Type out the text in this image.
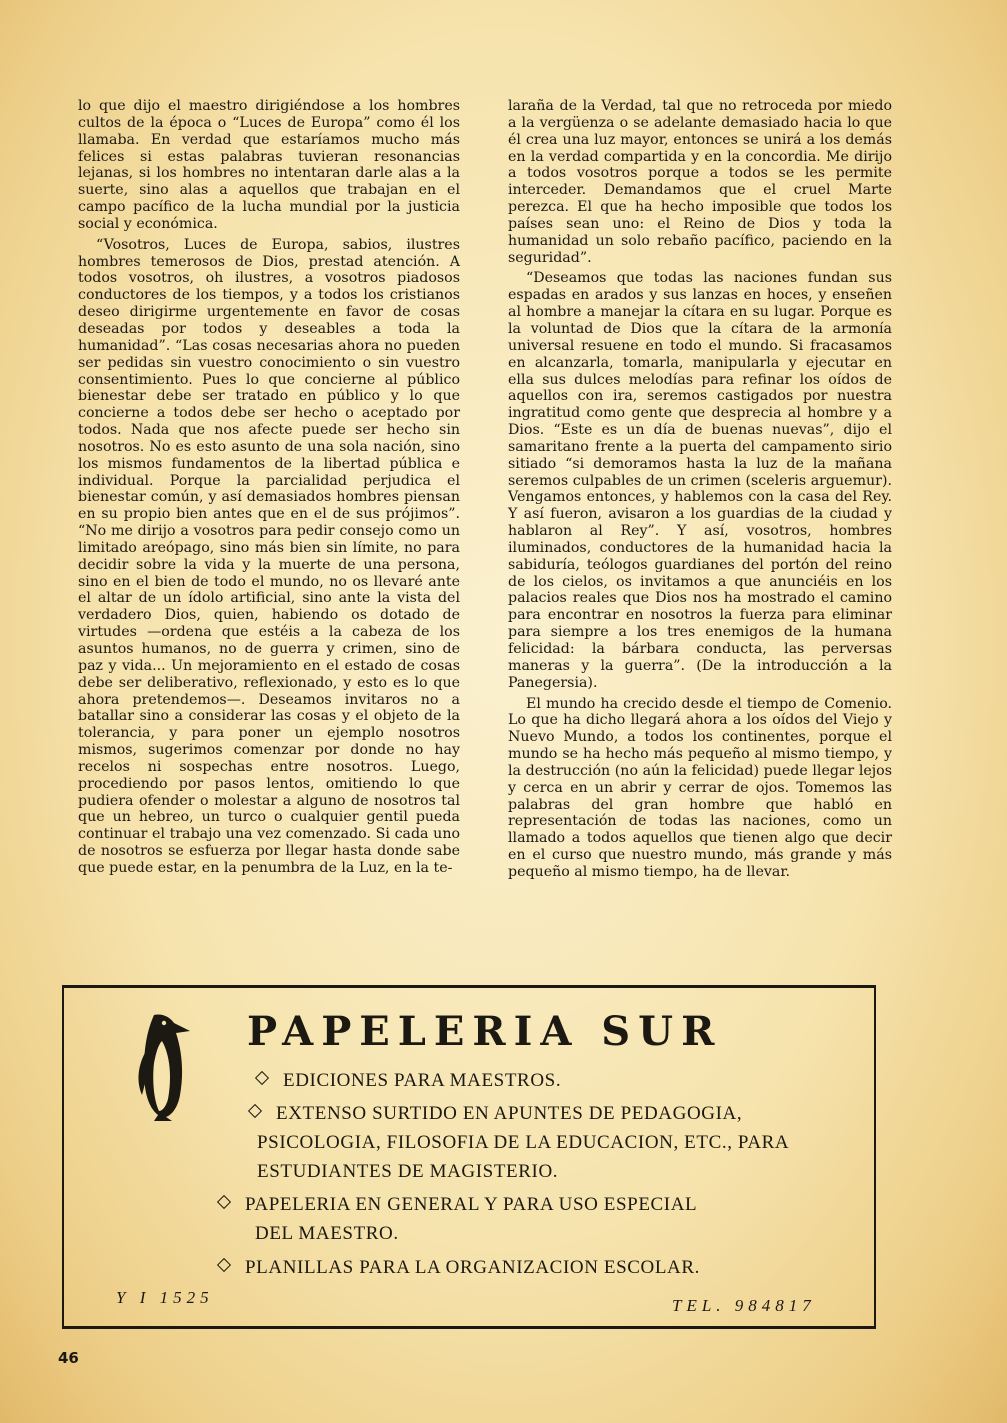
lo que dijo el maestro dirigiéndose a los hombres cultos de la época o “Luces de Europa” como él los llamaba. En verdad que estaríamos mucho más felices si estas palabras tuvieran resonancias lejanas, si los hombres no intentaran darle alas a la suerte, sino alas a aquellos que trabajan en el campo pacífico de la lucha mundial por la justicia social y económica.

“Vosotros, Luces de Europa, sabios, ilustres hombres temerosos de Dios, prestad atención. A todos vosotros, oh ilustres, a vosotros piadosos conductores de los tiempos, y a todos los cristianos deseo dirigirme urgentemente en favor de cosas deseadas por todos y deseables a toda la humanidad”. “Las cosas necesarias ahora no pueden ser pedidas sin vuestro conocimiento o sin vuestro consentimiento. Pues lo que concierne al público bienestar debe ser tratado en público y lo que concierne a todos debe ser hecho o aceptado por todos. Nada que nos afecte puede ser hecho sin nosotros. No es esto asunto de una sola nación, sino los mismos fundamentos de la libertad pública e individual. Porque la parcialidad perjudica el bienestar común, y así demasiados hombres piensan en su propio bien antes que en el de sus prójimos”. “No me dirijo a vosotros para pedir consejo como un limitado areópago, sino más bien sin límite, no para decidir sobre la vida y la muerte de una persona, sino en el bien de todo el mundo, no os llevaré ante el altar de un ídolo artificial, sino ante la vista del verdadero Dios, quien, habiendo os dotado de virtudes —ordena que estéis a la cabeza de los asuntos humanos, no de guerra y crimen, sino de paz y vida... Un mejoramiento en el estado de cosas debe ser deliberativo, reflexionado, y esto es lo que ahora pretendemos—. Deseamos invitaros no a batallar sino a considerar las cosas y el objeto de la tolerancia, y para poner un ejemplo nosotros mismos, sugerimos comenzar por donde no hay recelos ni sospechas entre nosotros. Luego, procediendo por pasos lentos, omitiendo lo que pudiera ofender o molestar a alguno de nosotros tal que un hebreo, un turco o cualquier gentil pueda continuar el trabajo una vez comenzado. Si cada uno de nosotros se esfuerza por llegar hasta donde sabe que puede estar, en la penumbra de la Luz, en la te-

laraña de la Verdad, tal que no retroceda por miedo a la vergüenza o se adelante demasiado hacia lo que él crea una luz mayor, entonces se unirá a los demás en la verdad compartida y en la concordia. Me dirijo a todos vosotros porque a todos se les permite interceder. Demandamos que el cruel Marte perezca. El que ha hecho imposible que todos los países sean uno: el Reino de Dios y toda la humanidad un solo rebaño pacífico, paciendo en la seguridad”.

“Deseamos que todas las naciones fundan sus espadas en arados y sus lanzas en hoces, y enseñen al hombre a manejar la cítara en su lugar. Porque es la voluntad de Dios que la cítara de la armonía universal resuene en todo el mundo. Si fracasamos en alcanzarla, tomarla, manipularla y ejecutar en ella sus dulces melodías para refinar los oídos de aquellos con ira, seremos castigados por nuestra ingratitud como gente que desprecia al hombre y a Dios. “Este es un día de buenas nuevas”, dijo el samaritano frente a la puerta del campamento sirio sitiado “si demoramos hasta la luz de la mañana seremos culpables de un crimen (sceleris arguemur). Vengamos entonces, y hablemos con la casa del Rey. Y así fueron, avisaron a los guardias de la ciudad y hablaron al Rey”. Y así, vosotros, hombres iluminados, conductores de la humanidad hacia la sabiduría, teólogos guardianes del portón del reino de los cielos, os invitamos a que anunciéis en los palacios reales que Dios nos ha mostrado el camino para encontrar en nosotros la fuerza para eliminar para siempre a los tres enemigos de la humana felicidad: la bárbara conducta, las perversas maneras y la guerra”. (De la introducción a la Panegersia).

El mundo ha crecido desde el tiempo de Comenio. Lo que ha dicho llegará ahora a los oídos del Viejo y Nuevo Mundo, a todos los continentes, porque el mundo se ha hecho más pequeño al mismo tiempo, y la destrucción (no aún la felicidad) puede llegar lejos y cerca en un abrir y cerrar de ojos. Tomemos las palabras del gran hombre que habló en representación de todas las naciones, como un llamado a todos aquellos que tienen algo que decir en el curso que nuestro mundo, más grande y más pequeño al mismo tiempo, ha de llevar.

PAPELERIA SUR
EDICIONES PARA MAESTROS.
EXTENSO SURTIDO EN APUNTES DE PEDAGOGIA,
PSICOLOGIA, FILOSOFIA DE LA EDUCACION, ETC., PARA
ESTUDIANTES DE MAGISTERIO.
PAPELERIA EN GENERAL Y PARA USO ESPECIAL
DEL MAESTRO.
PLANILLAS PARA LA ORGANIZACION ESCOLAR.
Y I 1525	TEL. 984817
46
